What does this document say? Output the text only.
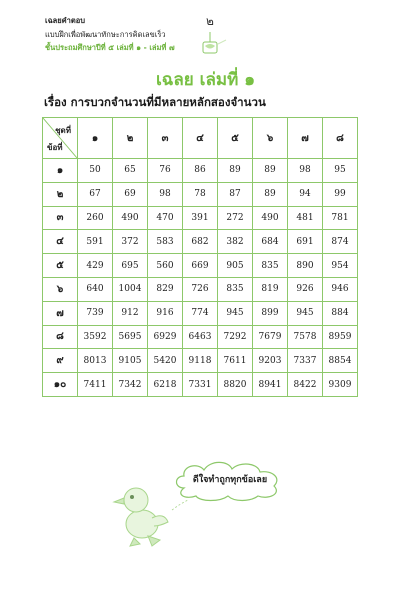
เฉลยคำตอบ
แบบฝึกเพื่อพัฒนาทักษะการคิดเลขเร็ว
ชั้นประถมศึกษาปีที่ ๕ เล่มที่ ๑ - เล่มที่ ๗
๒
เฉลย เล่มที่ ๑
เรื่อง การบวกจำนวนที่มีหลายหลักสองจำนวน
ชุดที่
ข้อที่	๑	๒	๓	๔	๕	๖	๗	๘
๑	50	65	76	86	89	89	98	95
๒	67	69	98	78	87	89	94	99
๓	260	490	470	391	272	490	481	781
๔	591	372	583	682	382	684	691	874
๕	429	695	560	669	905	835	890	954
๖	640	1004	829	726	835	819	926	946
๗	739	912	916	774	945	899	945	884
๘	3592	5695	6929	6463	7292	7679	7578	8959
๙	8013	9105	5420	9118	7611	9203	7337	8854
๑๐	7411	7342	6218	7331	8820	8941	8422	9309
ดีใจทำถูกทุกข้อเลย
